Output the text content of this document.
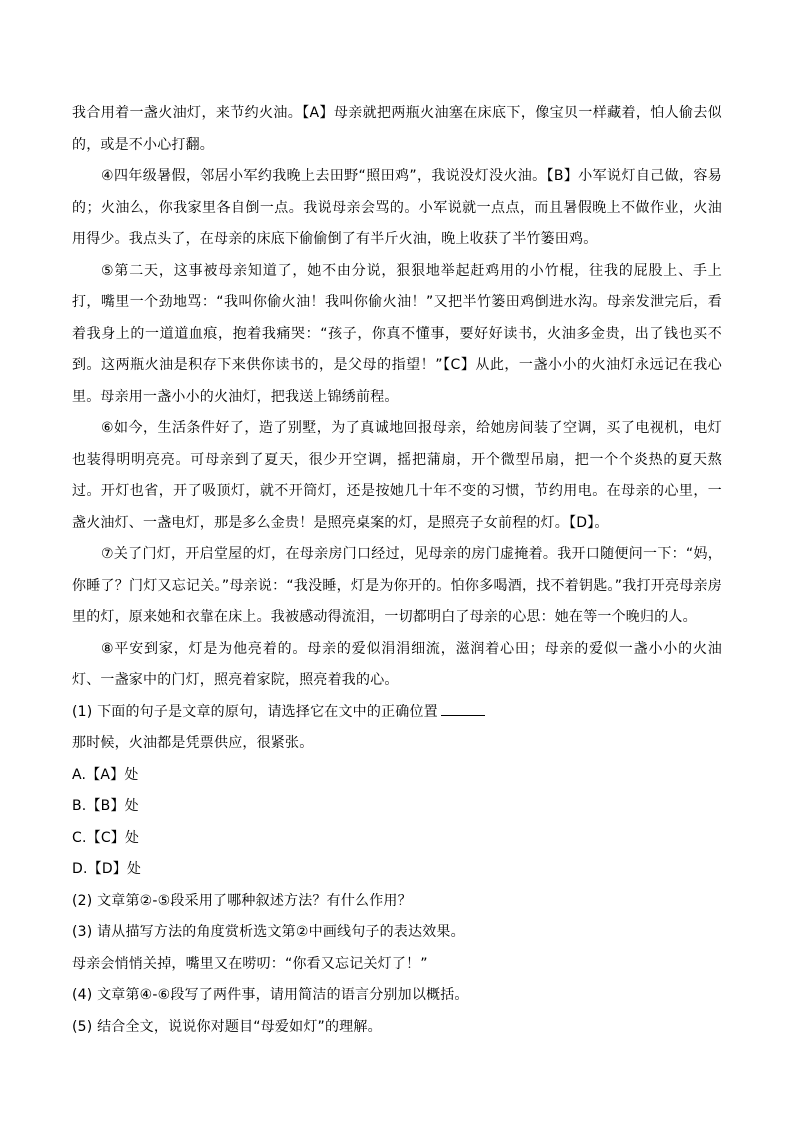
我合用着一盏火油灯，来节约火油。【A】母亲就把两瓶火油塞在床底下，像宝贝一样藏着，怕人偷去似的，或是不小心打翻。

④四年级暑假，邻居小军约我晚上去田野“照田鸡”，我说没灯没火油。【B】小军说灯自己做，容易的；火油么，你我家里各自倒一点。我说母亲会骂的。小军说就一点点，而且暑假晚上不做作业，火油用得少。我点头了，在母亲的床底下偷偷倒了有半斤火油，晚上收获了半竹篓田鸡。

⑤第二天，这事被母亲知道了，她不由分说，狠狠地举起赶鸡用的小竹棍，往我的屁股上、手上打，嘴里一个劲地骂：“我叫你偷火油！我叫你偷火油！”又把半竹篓田鸡倒进水沟。母亲发泄完后，看着我身上的一道道血痕，抱着我痛哭：“孩子，你真不懂事，要好好读书，火油多金贵，出了钱也买不到。这两瓶火油是积存下来供你读书的，是父母的指望！”【C】从此，一盏小小的火油灯永远记在我心里。母亲用一盏小小的火油灯，把我送上锦绣前程。

⑥如今，生活条件好了，造了别墅，为了真诚地回报母亲，给她房间装了空调，买了电视机，电灯也装得明明亮亮。可母亲到了夏天，很少开空调，摇把蒲扇，开个微型吊扇，把一个个炎热的夏天熬过。开灯也省，开了吸顶灯，就不开筒灯，还是按她几十年不变的习惯，节约用电。在母亲的心里，一盏火油灯、一盏电灯，那是多么金贵！是照亮桌案的灯，是照亮子女前程的灯。【D】。

⑦关了门灯，开启堂屋的灯，在母亲房门口经过，见母亲的房门虚掩着。我开口随便问一下：“妈，你睡了？门灯又忘记关。”母亲说：“我没睡，灯是为你开的。怕你多喝酒，找不着钥匙。”我打开亮母亲房里的灯，原来她和衣靠在床上。我被感动得流泪，一切都明白了母亲的心思：她在等一个晚归的人。

⑧平安到家，灯是为他亮着的。母亲的爱似涓涓细流，滋润着心田；母亲的爱似一盏小小的火油灯、一盏家中的门灯，照亮着家院，照亮着我的心。

(1) 下面的句子是文章的原句，请选择它在文中的正确位置

那时候，火油都是凭票供应，很紧张。

A.【A】处

B.【B】处

C.【C】处

D.【D】处

(2) 文章第②-⑤段采用了哪种叙述方法？有什么作用？

(3) 请从描写方法的角度赏析选文第②中画线句子的表达效果。

母亲会悄悄关掉，嘴里又在唠叨：“你看又忘记关灯了！”

(4) 文章第④-⑥段写了两件事，请用简洁的语言分别加以概括。

(5) 结合全文，说说你对题目“母爱如灯”的理解。
